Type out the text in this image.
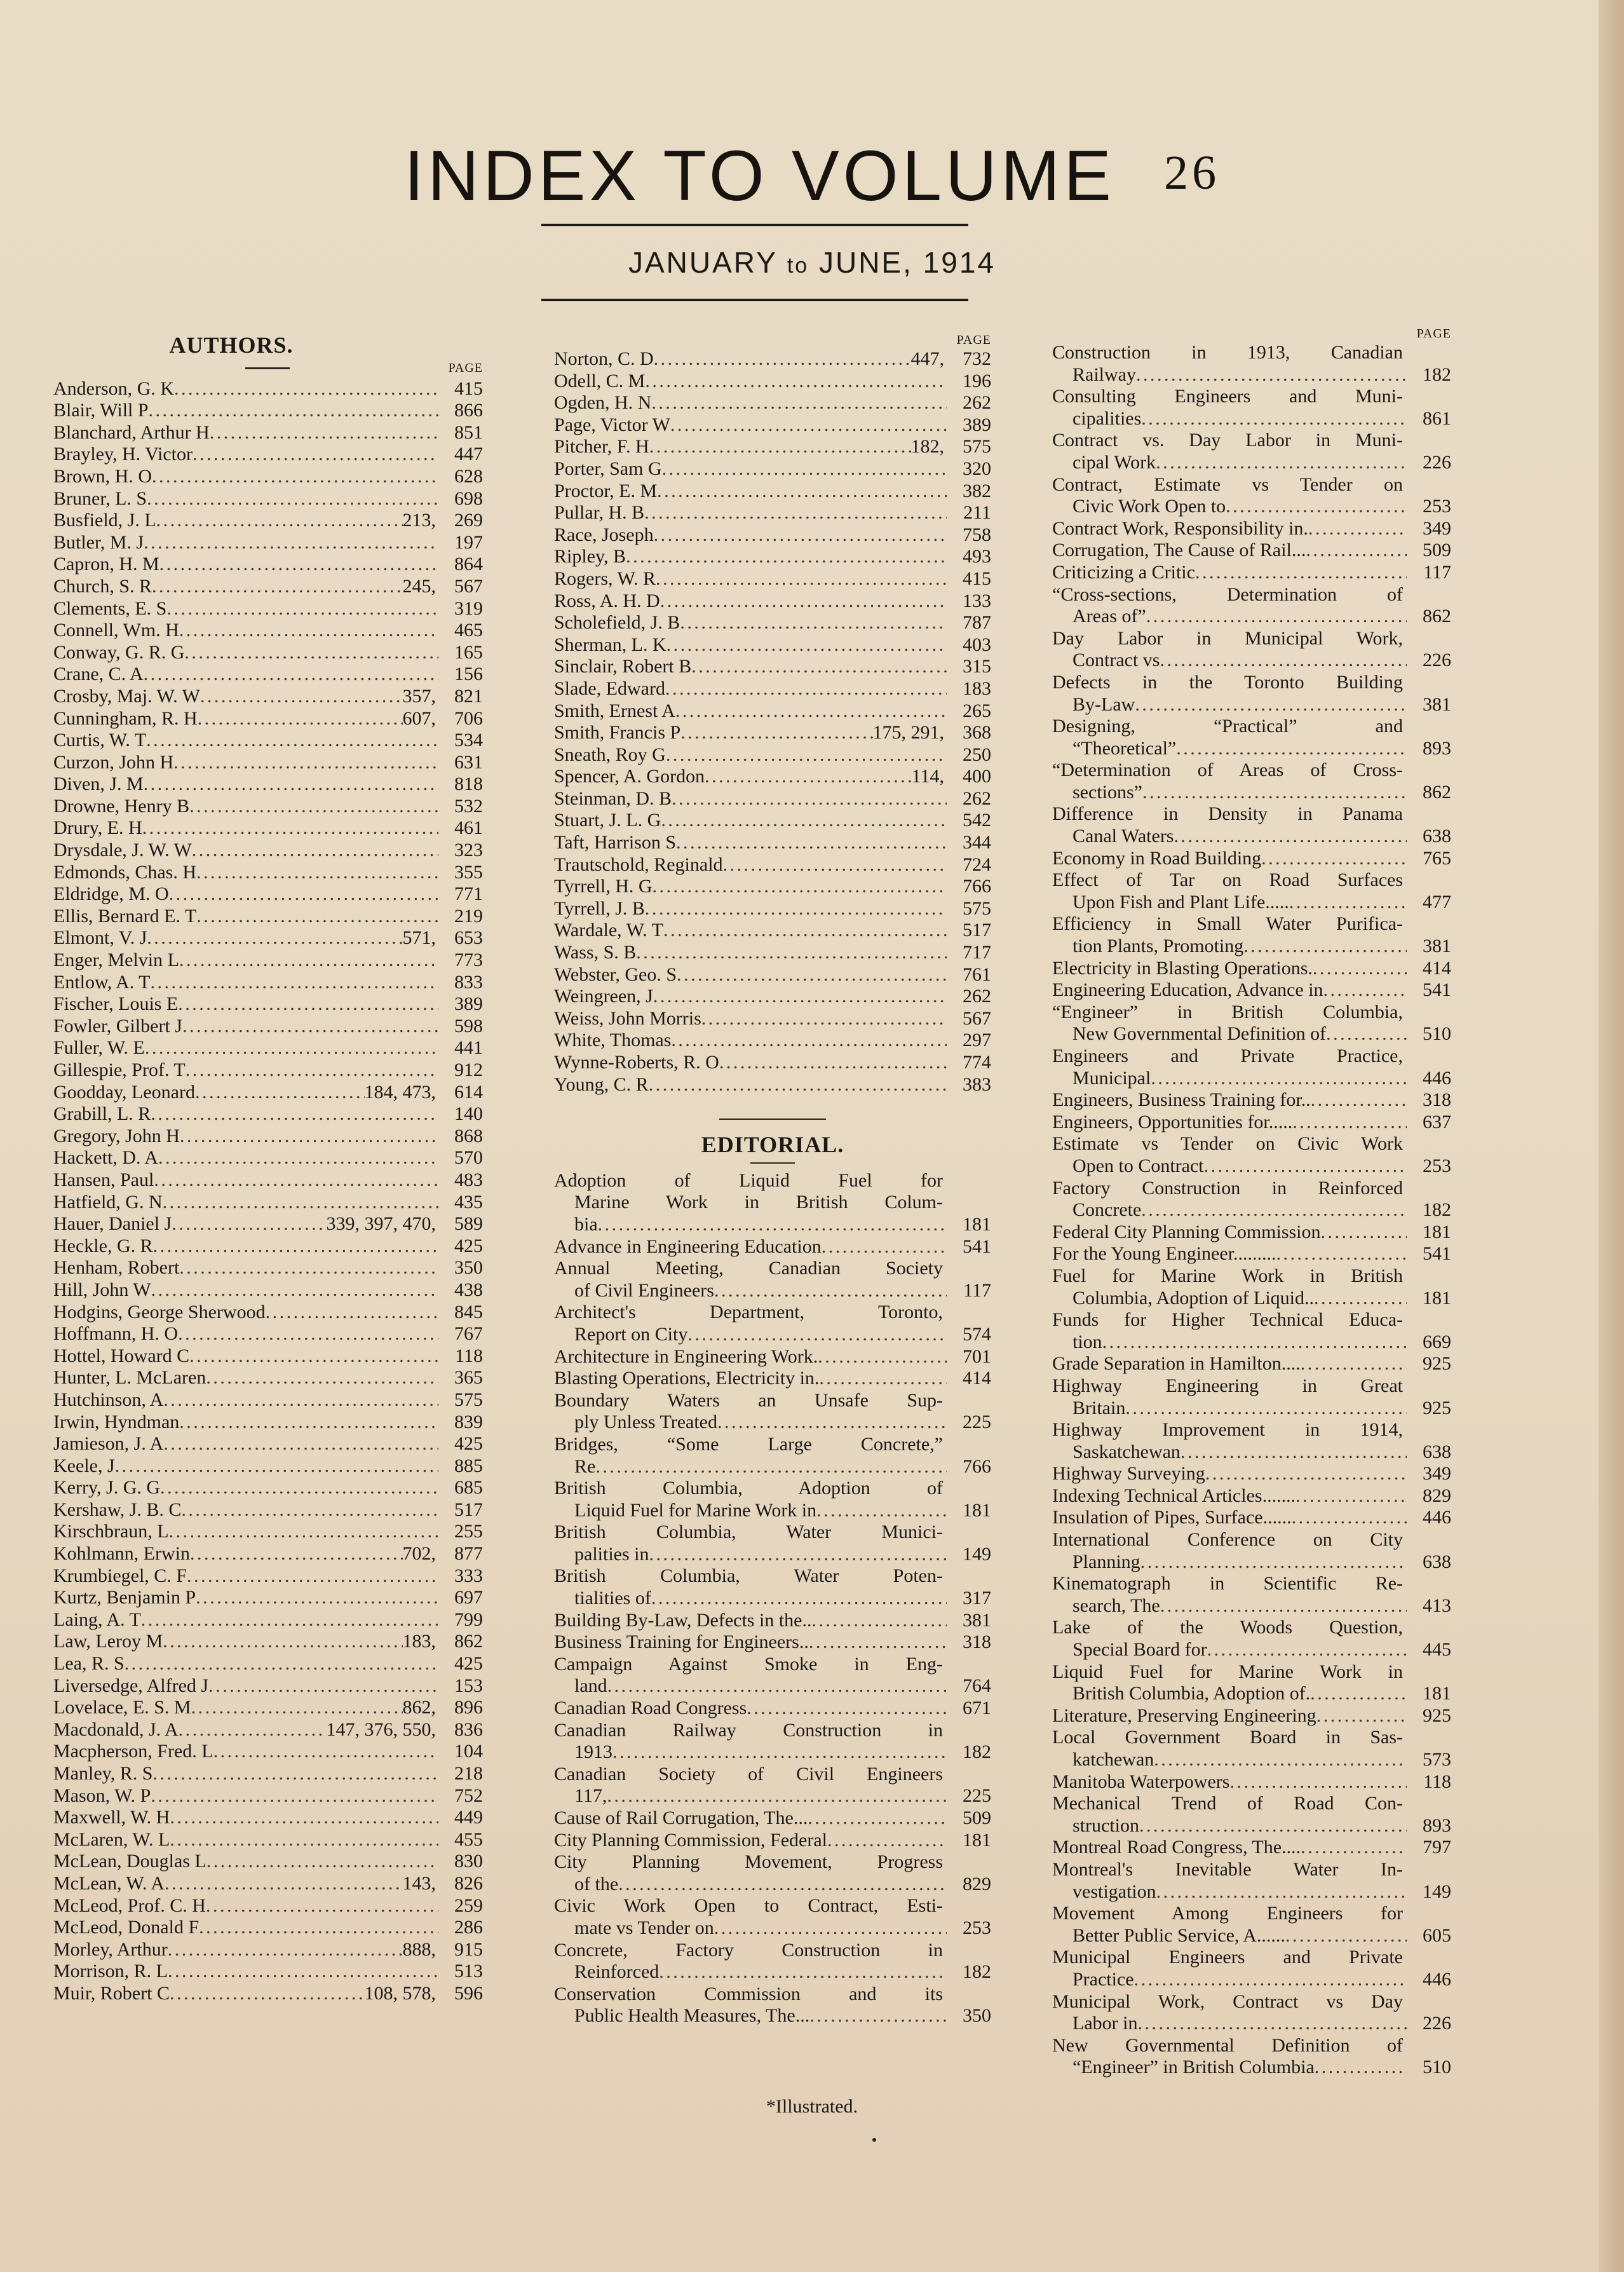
INDEX TO VOLUME 26
JANUARY to JUNE, 1914
AUTHORS.
PAGE
Anderson, G. K . . .	415
Blair, Will P . . .	866
Blanchard, Arthur H . . .	851
Brayley, H. Victor . . .	447
Brown, H. O . . .	628
Bruner, L. S . . .	698
Busfield, J. L . . .	213, 269
Butler, M. J . . .	197
Capron, H. M . . .	864
Church, S. R . . .	245, 567
Clements, E. S . . .	319
Connell, Wm. H . . .	465
Conway, G. R. G . . .	165
Crane, C. A . . .	156
Crosby, Maj. W. W . . .	357, 821
Cunningham, R. H . . .	607, 706
Curtis, W. T . . .	534
Curzon, John H . . .	631
Diven, J. M . . .	818
Drowne, Henry B . . .	532
Drury, E. H . . .	461
Drysdale, J. W. W . . .	323
Edmonds, Chas. H . . .	355
Eldridge, M. O . . .	771
Ellis, Bernard E. T . . .	219
Elmont, V. J . . .	571, 653
Enger, Melvin L . . .	773
Entlow, A. T . . .	833
Fischer, Louis E . . .	389
Fowler, Gilbert J . . .	598
Fuller, W. E . . .	441
Gillespie, Prof. T . . .	912
Goodday, Leonard . . .	184, 473, 614
Grabill, L. R . . .	140
Gregory, John H . . .	868
Hackett, D. A . . .	570
Hansen, Paul . . .	483
Hatfield, G. N . . .	435
Hauer, Daniel J . . .	339, 397, 470, 589
Heckle, G. R . . .	425
Henham, Robert . . .	350
Hill, John W . . .	438
Hodgins, George Sherwood . . .	845
Hoffmann, H. O . . .	767
Hottel, Howard C . . .	118
Hunter, L. McLaren . . .	365
Hutchinson, A . . .	575
Irwin, Hyndman . . .	839
Jamieson, J. A . . .	425
Keele, J . . .	885
Kerry, J. G. G . . .	685
Kershaw, J. B. C . . .	517
Kirschbraun, L . . .	255
Kohlmann, Erwin . . .	702, 877
Krumbiegel, C. F . . .	333
Kurtz, Benjamin P . . .	697
Laing, A. T . . .	799
Law, Leroy M . . .	183, 862
Lea, R. S . . .	425
Liversedge, Alfred J . . .	153
Lovelace, E. S. M . . .	862, 896
Macdonald, J. A . . .	147, 376, 550, 836
Macpherson, Fred. L . . .	104
Manley, R. S . . .	218
Mason, W. P . . .	752
Maxwell, W. H . . .	449
McLaren, W. L . . .	455
McLean, Douglas L . . .	830
McLean, W. A . . .	143, 826
McLeod, Prof. C. H . . .	259
McLeod, Donald F . . .	286
Morley, Arthur . . .	888, 915
Morrison, R. L . . .	513
Muir, Robert C . . .	108, 578, 596
PAGE
Norton, C. D . . .	447, 732
Odell, C. M . . .	196
Ogden, H. N . . .	262
Page, Victor W . . .	389
Pitcher, F. H . . .	182, 575
Porter, Sam G . . .	320
Proctor, E. M . . .	382
Pullar, H. B . . .	211
Race, Joseph . . .	758
Ripley, B . . .	493
Rogers, W. R . . .	415
Ross, A. H. D . . .	133
Scholefield, J. B . . .	787
Sherman, L. K . . .	403
Sinclair, Robert B . . .	315
Slade, Edward . . .	183
Smith, Ernest A . . .	265
Smith, Francis P . . .	175, 291, 368
Sneath, Roy G . . .	250
Spencer, A. Gordon . . .	114, 400
Steinman, D. B . . .	262
Stuart, J. L. G . . .	542
Taft, Harrison S . . .	344
Trautschold, Reginald . . .	724
Tyrrell, H. G . . .	766
Tyrrell, J. B . . .	575
Wardale, W. T . . .	517
Wass, S. B . . .	717
Webster, Geo. S . . .	761
Weingreen, J . . .	262
Weiss, John Morris . . .	567
White, Thomas . . .	297
Wynne-Roberts, R. O . . .	774
Young, C. R . . .	383
EDITORIAL.
Adoption of Liquid Fuel for
Marine Work in British Colum-
bia . . .	181
Advance in Engineering Education . . .	541
Annual Meeting, Canadian Society
of Civil Engineers . . .	117
Architect's Department, Toronto,
Report on City . . .	574
Architecture in Engineering Work. . . .	701
Blasting Operations, Electricity in. . . .	414
Boundary Waters an Unsafe Sup-
ply Unless Treated . . .	225
Bridges, “Some Large Concrete,”
Re . . .	766
British Columbia, Adoption of
Liquid Fuel for Marine Work in . . .	181
British Columbia, Water Munici-
palities in . . .	149
British Columbia, Water Poten-
tialities of . . .	317
Building By-Law, Defects in the.. . . .	381
Business Training for Engineers.. . . .	318
Campaign Against Smoke in Eng-
land . . .	764
Canadian Road Congress . . .	671
Canadian Railway Construction in
1913 . . .	182
Canadian Society of Civil Engineers
117, . . .	225
Cause of Rail Corrugation, The... . . .	509
City Planning Commission, Federal . . .	181
City Planning Movement, Progress
of the . . .	829
Civic Work Open to Contract, Esti-
mate vs Tender on . . .	253
Concrete, Factory Construction in
Reinforced . . .	182
Conservation Commission and its
Public Health Measures, The... . . .	350
PAGE
Construction in 1913, Canadian
Railway . . .	182
Consulting Engineers and Muni-
cipalities . . .	861
Contract vs. Day Labor in Muni-
cipal Work . . .	226
Contract, Estimate vs Tender on
Civic Work Open to . . .	253
Contract Work, Responsibility in. . . .	349
Corrugation, The Cause of Rail... . . .	509
Criticizing a Critic . . .	117
“Cross-sections, Determination of
Areas of” . . .	862
Day Labor in Municipal Work,
Contract vs . . .	226
Defects in the Toronto Building
By-Law . . .	381
Designing, “Practical” and
“Theoretical” . . .	893
“Determination of Areas of Cross-
sections” . . .	862
Difference in Density in Panama
Canal Waters . . .	638
Economy in Road Building . . .	765
Effect of Tar on Road Surfaces
Upon Fish and Plant Life..... . . .	477
Efficiency in Small Water Purifica-
tion Plants, Promoting . . .	381
Electricity in Blasting Operations. . . .	414
Engineering Education, Advance in . . .	541
“Engineer” in British Columbia,
New Governmental Definition of . . .	510
Engineers and Private Practice,
Municipal . . .	446
Engineers, Business Training for.. . . .	318
Engineers, Opportunities for..... . . .	637
Estimate vs Tender on Civic Work
Open to Contract . . .	253
Factory Construction in Reinforced
Concrete . . .	182
Federal City Planning Commission . . .	181
For the Young Engineer......... . . .	541
Fuel for Marine Work in British
Columbia, Adoption of Liquid.. . . .	181
Funds for Higher Technical Educa-
tion . . .	669
Grade Separation in Hamilton.... . . .	925
Highway Engineering in Great
Britain . . .	925
Highway Improvement in 1914,
Saskatchewan . . .	638
Highway Surveying . . .	349
Indexing Technical Articles....... . . .	829
Insulation of Pipes, Surface...... . . .	446
International Conference on City
Planning . . .	638
Kinematograph in Scientific Re-
search, The . . .	413
Lake of the Woods Question,
Special Board for . . .	445
Liquid Fuel for Marine Work in
British Columbia, Adoption of. . . .	181
Literature, Preserving Engineering . . .	925
Local Government Board in Sas-
katchewan . . .	573
Manitoba Waterpowers . . .	118
Mechanical Trend of Road Con-
struction . . .	893
Montreal Road Congress, The.... . . .	797
Montreal's Inevitable Water In-
vestigation . . .	149
Movement Among Engineers for
Better Public Service, A...... . . .	605
Municipal Engineers and Private
Practice . . .	446
Municipal Work, Contract vs Day
Labor in . . .	226
New Governmental Definition of
“Engineer” in British Columbia . . .	510
*Illustrated.
